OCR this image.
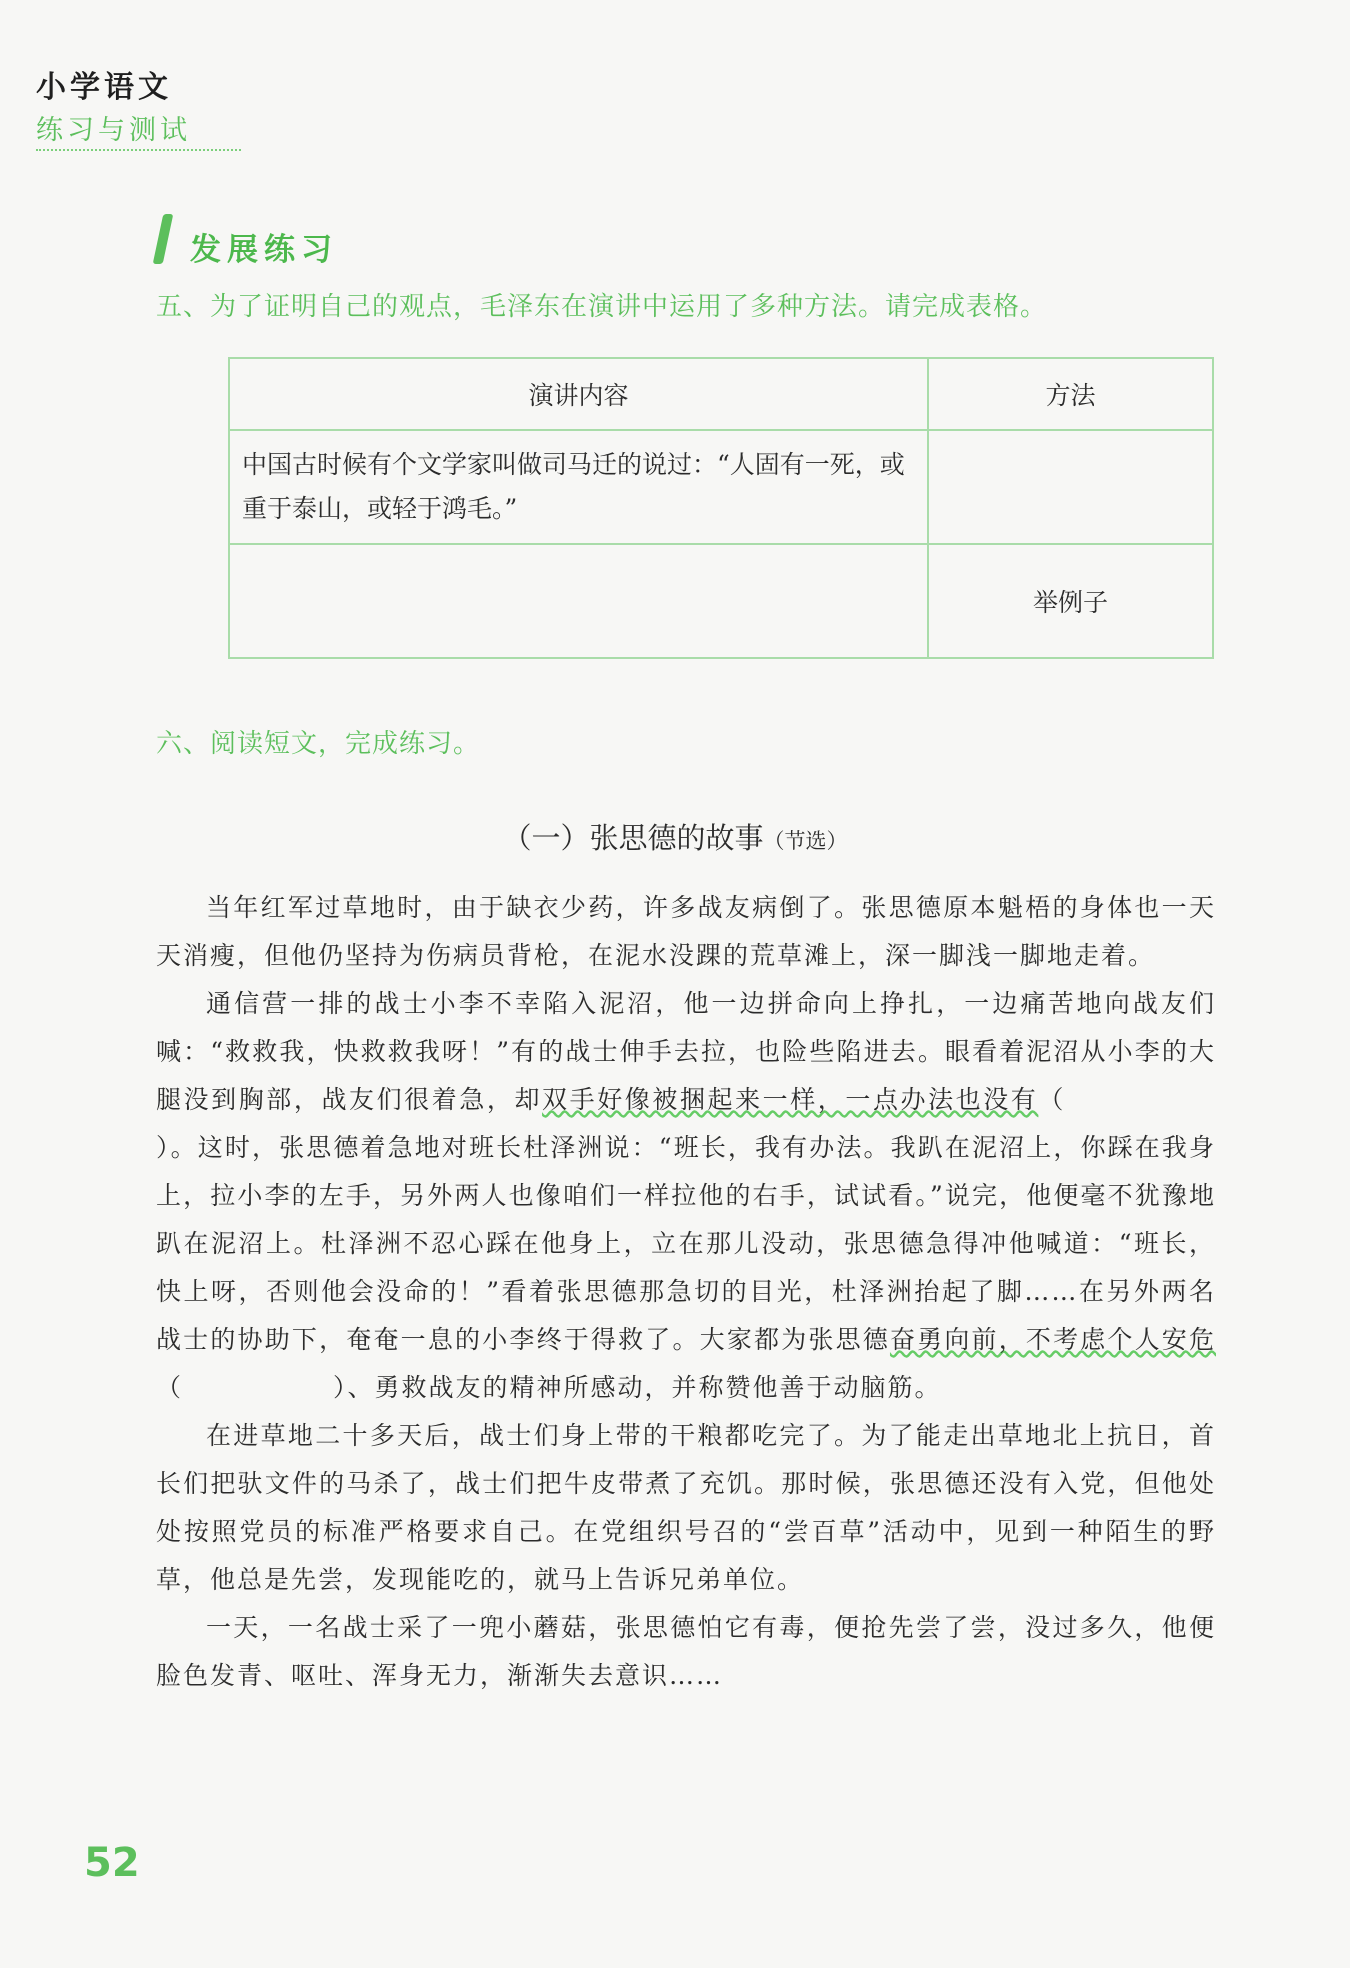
小学语文
练习与测试
发展练习
五、为了证明自己的观点，毛泽东在演讲中运用了多种方法。请完成表格。
演讲内容	方法
中国古时候有个文学家叫做司马迁的说过：“人固有一死，或重于泰山，或轻于鸿毛。”	
	举例子
六、阅读短文，完成练习。
（一）张思德的故事（节选）

当年红军过草地时，由于缺衣少药，许多战友病倒了。张思德原本魁梧的身体也一天天消瘦，但他仍坚持为伤病员背枪，在泥水没踝的荒草滩上，深一脚浅一脚地走着。

通信营一排的战士小李不幸陷入泥沼，他一边拼命向上挣扎，一边痛苦地向战友们喊：“救救我，快救救我呀！”有的战士伸手去拉，也险些陷进去。眼看着泥沼从小李的大腿没到胸部，战友们很着急，却双手好像被捆起来一样，一点办法也没有（）。这时，张思德着急地对班长杜泽洲说：“班长，我有办法。我趴在泥沼上，你踩在我身上，拉小李的左手，另外两人也像咱们一样拉他的右手，试试看。”说完，他便毫不犹豫地趴在泥沼上。杜泽洲不忍心踩在他身上，立在那儿没动，张思德急得冲他喊道：“班长，快上呀，否则他会没命的！”看着张思德那急切的目光，杜泽洲抬起了脚……在另外两名战士的协助下，奄奄一息的小李终于得救了。大家都为张思德奋勇向前，不考虑个人安危（	）、勇救战友的精神所感动，并称赞他善于动脑筋。

在进草地二十多天后，战士们身上带的干粮都吃完了。为了能走出草地北上抗日，首长们把驮文件的马杀了，战士们把牛皮带煮了充饥。那时候，张思德还没有入党，但他处处按照党员的标准严格要求自己。在党组织号召的“尝百草”活动中，见到一种陌生的野草，他总是先尝，发现能吃的，就马上告诉兄弟单位。

一天，一名战士采了一兜小蘑菇，张思德怕它有毒，便抢先尝了尝，没过多久，他便脸色发青、呕吐、浑身无力，渐渐失去意识……

52
